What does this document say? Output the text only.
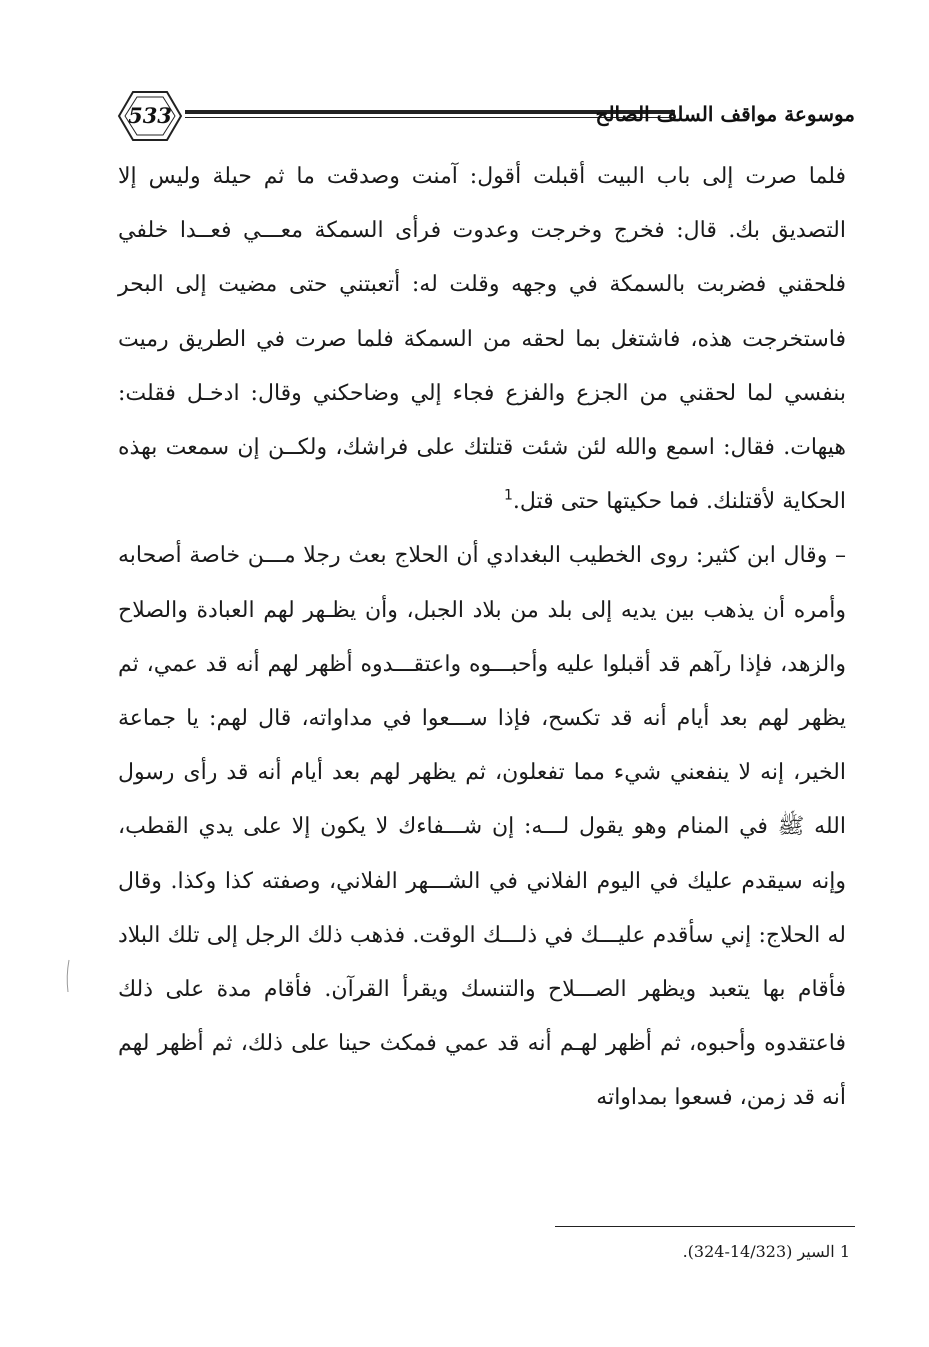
533	موسوعة مواقف السلف الصالح

فلما صرت إلى باب البيت أقبلت أقول: آمنت وصدقت ما ثم حيلة وليس إلا التصديق بك. قال: فخرج وخرجت وعدوت فرأى السمكة معـــي فعــدا خلفي فلحقني فضربت بالسمكة في وجهه وقلت له: أتعبتني حتى مضيت إلى البحر فاستخرجت هذه، فاشتغل بما لحقه من السمكة فلما صرت في الطريق رميت بنفسي لما لحقني من الجزع والفزع فجاء إلي وضاحكني وقال: ادخـل فقلت: هيهات. فقال: اسمع والله لئن شئت قتلتك على فراشك، ولكــن إن سمعت بهذه الحكاية لأقتلنك. فما حكيتها حتى قتل.$^1$

– وقال ابن كثير: روى الخطيب البغدادي أن الحلاج بعث رجلا مـــن خاصة أصحابه وأمره أن يذهب بين يديه إلى بلد من بلاد الجبل، وأن يظـهر لهم العبادة والصلاح والزهد، فإذا رآهم قد أقبلوا عليه وأحبـــوه واعتقـــدوه أظهر لهم أنه قد عمي، ثم يظهر لهم بعد أيام أنه قد تكسح، فإذا ســـعوا في مداواته، قال لهم: يا جماعة الخير، إنه لا ينفعني شيء مما تفعلون، ثم يظهر لهم بعد أيام أنه قد رأى رسول الله ﷺ في المنام وهو يقول لـــه: إن شـــفاءك لا يكون إلا على يدي القطب، وإنه سيقدم عليك في اليوم الفلاني في الشـــهر الفلاني، وصفته كذا وكذا. وقال له الحلاج: إني سأقدم عليـــك في ذلـــك الوقت. فذهب ذلك الرجل إلى تلك البلاد فأقام بها يتعبد ويظهر الصـــلاح والتنسك ويقرأ القرآن. فأقام مدة على ذلك فاعتقدوه وأحبوه، ثم أظهر لهـم أنه قد عمي فمكث حينا على ذلك، ثم أظهر لهم أنه قد زمن، فسعوا بمداواته

1 السير (14/323-324).
